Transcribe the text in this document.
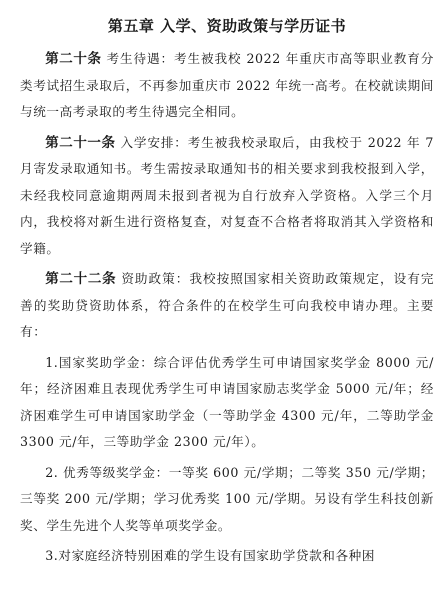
第五章 入学、资助政策与学历证书

第二十条 考生待遇：考生被我校 2022 年重庆市高等职业教育分类考试招生录取后，不再参加重庆市 2022 年统一高考。在校就读期间与统一高考录取的考生待遇完全相同。

第二十一条 入学安排：考生被我校录取后，由我校于 2022 年 7 月寄发录取通知书。考生需按录取通知书的相关要求到我校报到入学，未经我校同意逾期两周未报到者视为自行放弃入学资格。入学三个月内，我校将对新生进行资格复查，对复查不合格者将取消其入学资格和学籍。

第二十二条 资助政策：我校按照国家相关资助政策规定，设有完善的奖助贷资助体系，符合条件的在校学生可向我校申请办理。主要有：

1.国家奖助学金：综合评估优秀学生可申请国家奖学金 8000 元/年；经济困难且表现优秀学生可申请国家励志奖学金 5000 元/年；经济困难学生可申请国家助学金（一等助学金 4300 元/年，二等助学金 3300 元/年，三等助学金 2300 元/年）。

2. 优秀等级奖学金：一等奖 600 元/学期；二等奖 350 元/学期；三等奖 200 元/学期；学习优秀奖 100 元/学期。另设有学生科技创新奖、学生先进个人奖等单项奖学金。

3.对家庭经济特别困难的学生设有国家助学贷款和各种困
